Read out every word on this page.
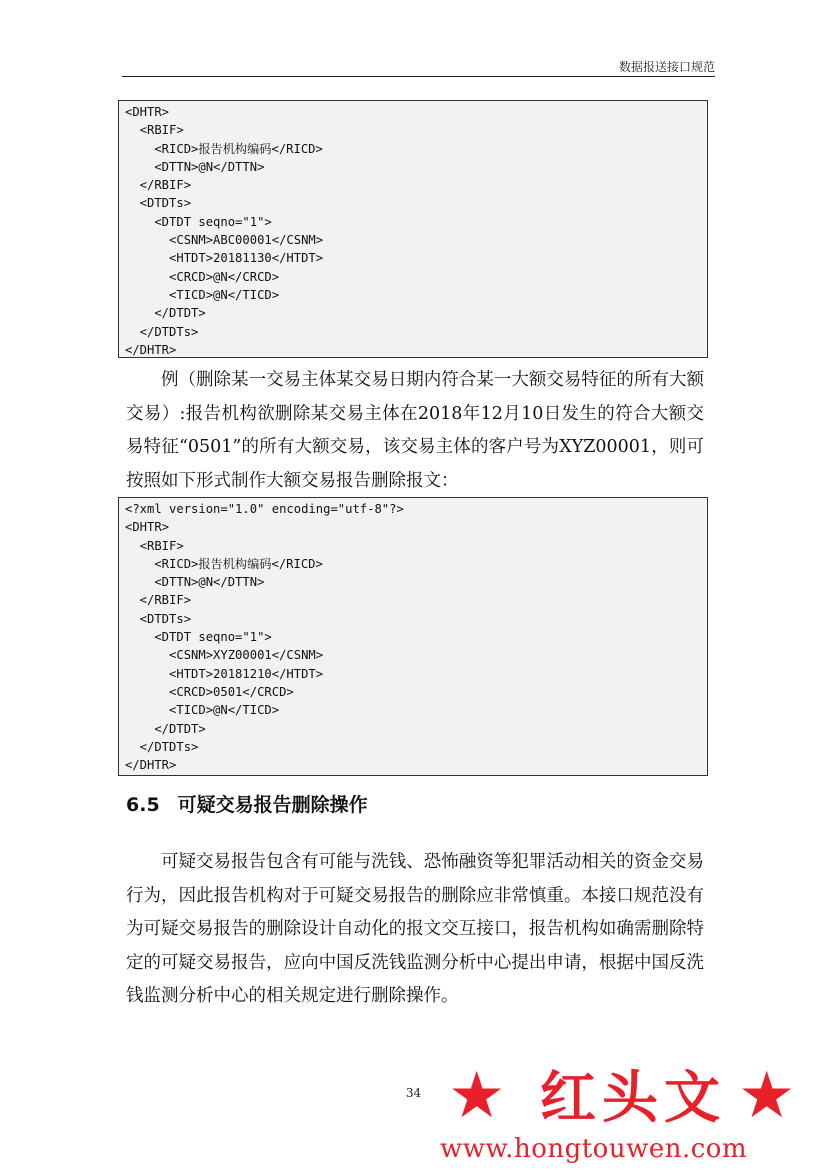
数据报送接口规范
<DHTR>
<RBIF>
<RICD>报告机构编码</RICD>
<DTTN>@N</DTTN>
</RBIF>
<DTDTs>
<DTDT seqno="1">
<CSNM>ABC00001</CSNM>
<HTDT>20181130</HTDT>
<CRCD>@N</CRCD>
<TICD>@N</TICD>
</DTDT>
</DTDTs>
</DHTR>
例（删除某一交易主体某交易日期内符合某一大额交易特征的所有大额交易）:报告机构欲删除某交易主体在2018年12月10日发生的符合大额交易特征“0501”的所有大额交易，该交易主体的客户号为XYZ00001，则可按照如下形式制作大额交易报告删除报文：
<?xml version="1.0" encoding="utf-8"?>
<DHTR>
<RBIF>
<RICD>报告机构编码</RICD>
<DTTN>@N</DTTN>
</RBIF>
<DTDTs>
<DTDT seqno="1">
<CSNM>XYZ00001</CSNM>
<HTDT>20181210</HTDT>
<CRCD>0501</CRCD>
<TICD>@N</TICD>
</DTDT>
</DTDTs>
</DHTR>
6.5 可疑交易报告删除操作
可疑交易报告包含有可能与洗钱、恐怖融资等犯罪活动相关的资金交易行为，因此报告机构对于可疑交易报告的删除应非常慎重。本接口规范没有为可疑交易报告的删除设计自动化的报文交互接口，报告机构如确需删除特定的可疑交易报告，应向中国反洗钱监测分析中心提出申请，根据中国反洗钱监测分析中心的相关规定进行删除操作。
34 ★ 红头文 ★
www.hongtouwen.com
